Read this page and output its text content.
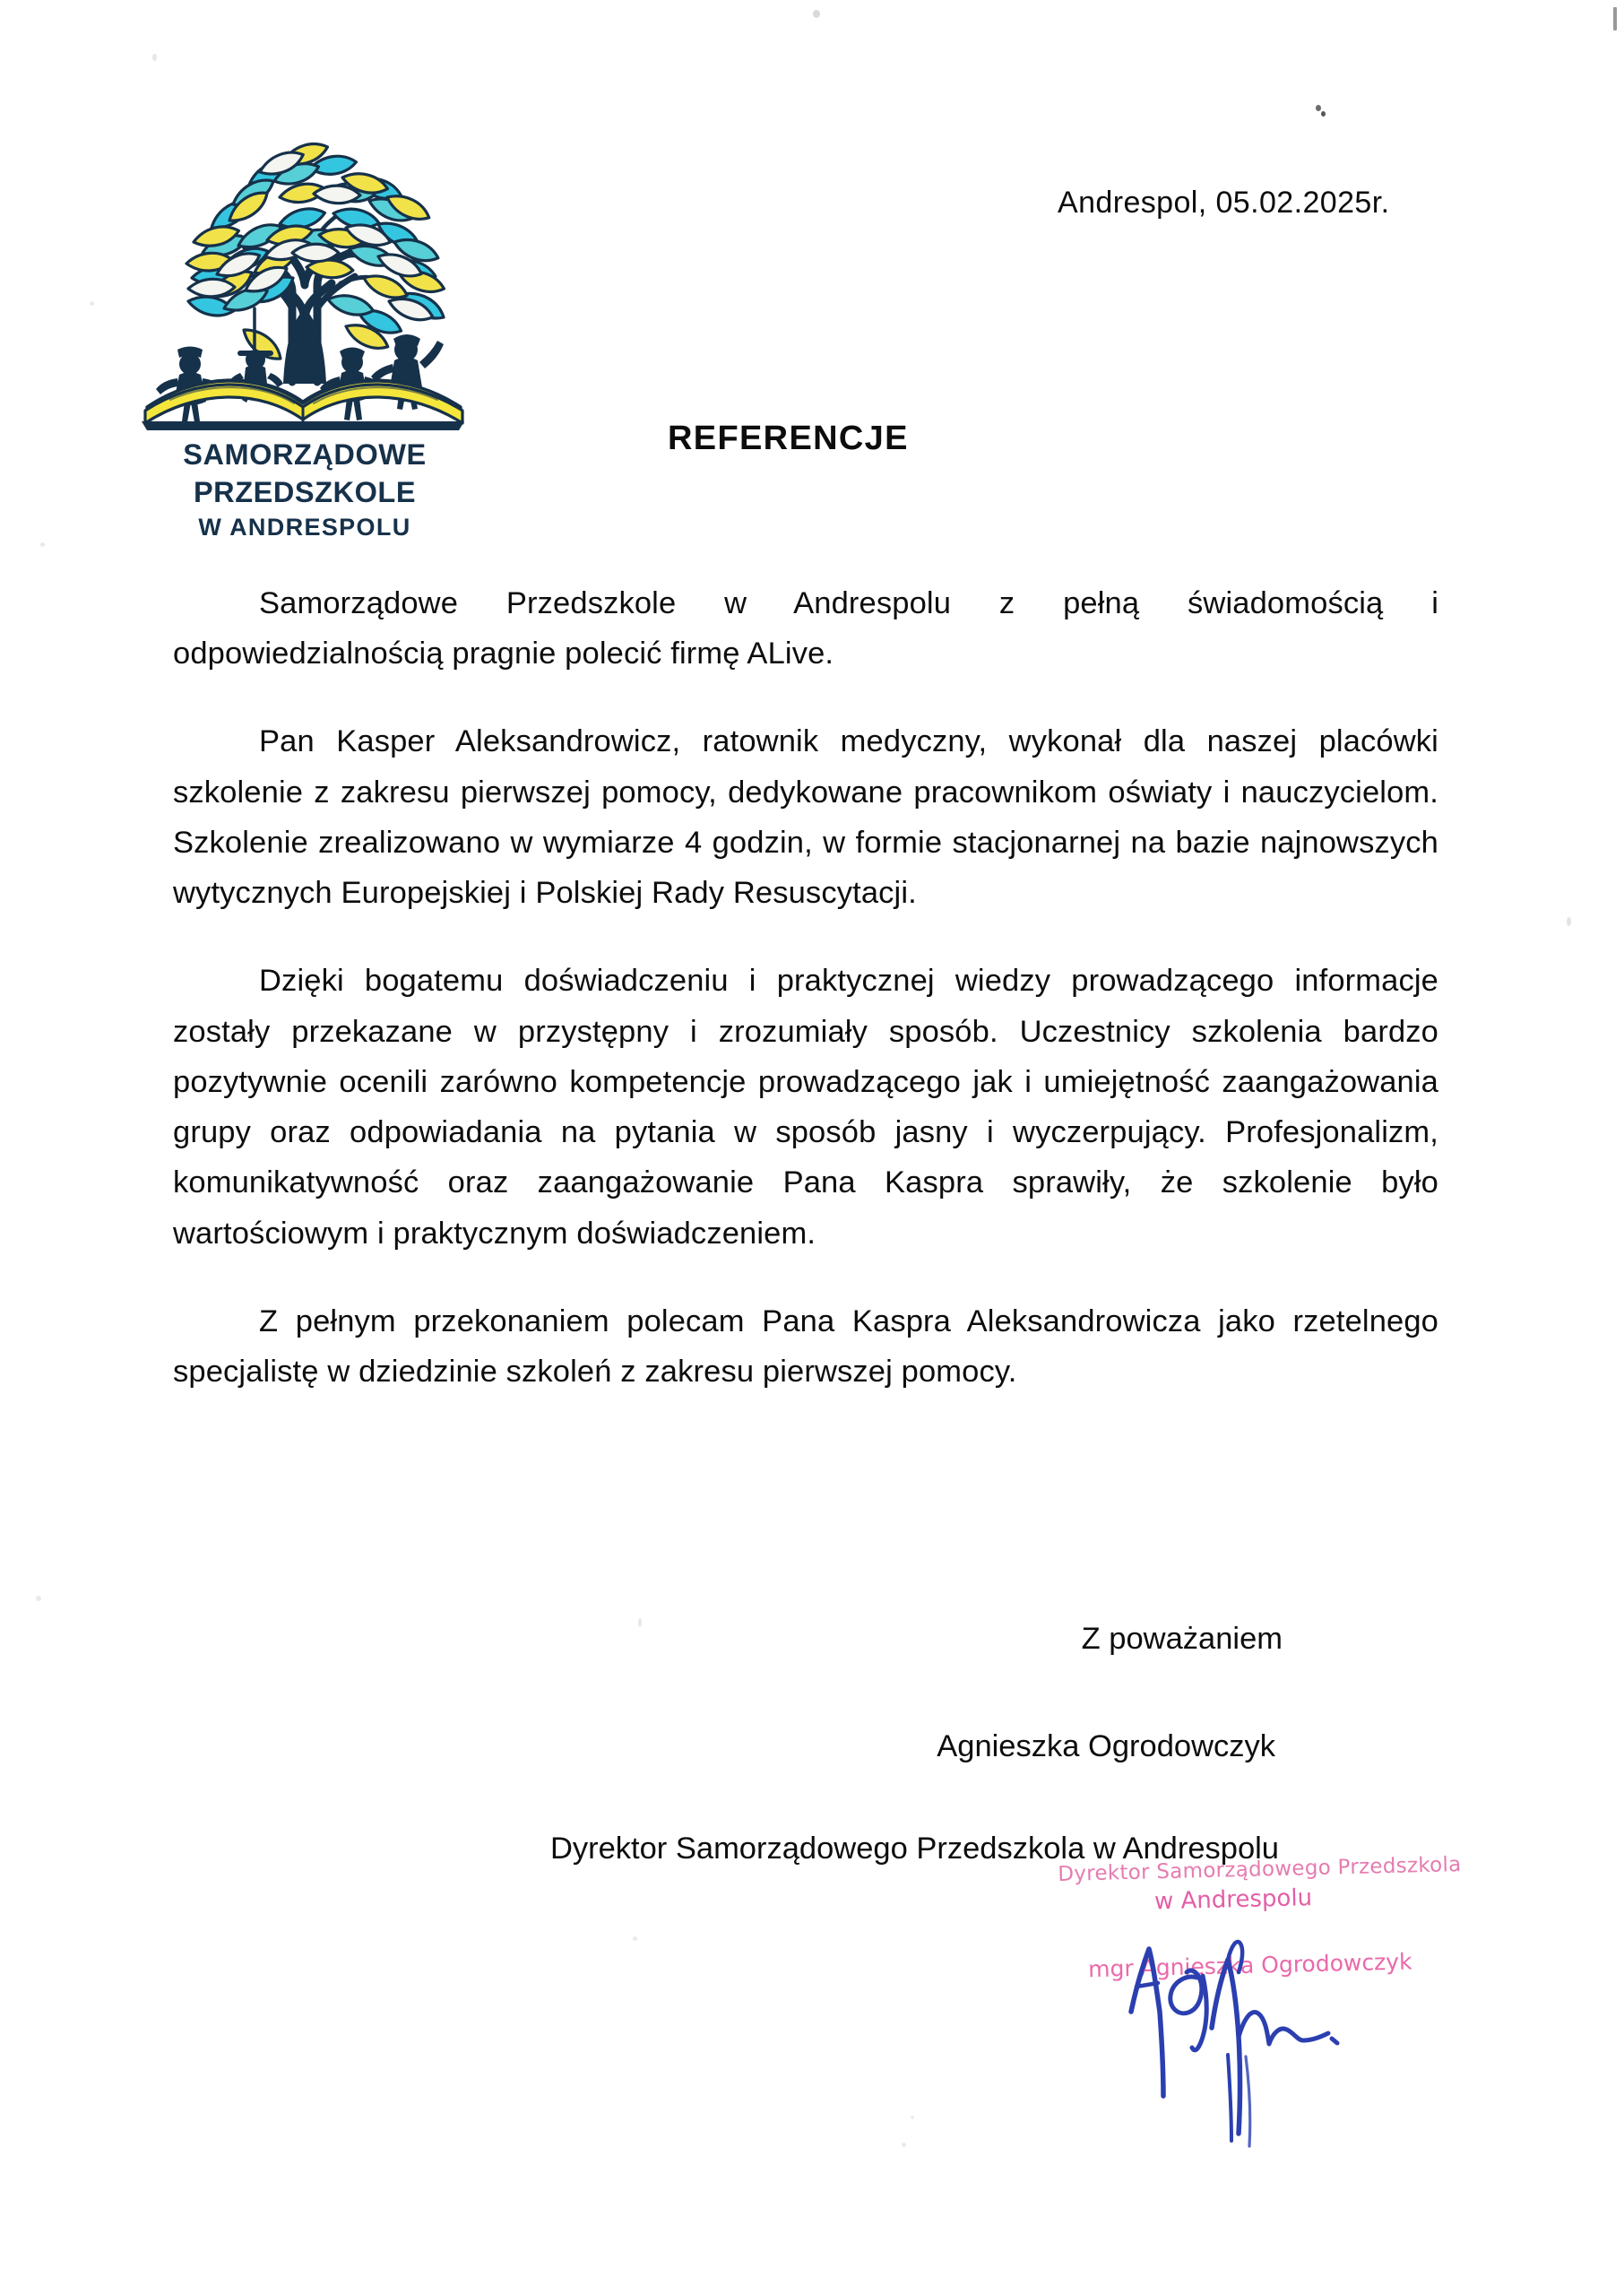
SAMORZĄDOWE
PRZEDSZKOLE
W ANDRESPOLU
Andrespol, 05.02.2025r.
REFERENCJE

Samorządowe Przedszkole w Andrespolu z pełną świadomością i odpowiedzialnością pragnie polecić firmę ALive.

Pan Kasper Aleksandrowicz, ratownik medyczny, wykonał dla naszej placówki szkolenie z zakresu pierwszej pomocy, dedykowane pracownikom oświaty i nauczycielom. Szkolenie zrealizowano w wymiarze 4 godzin, w formie stacjonarnej na bazie najnowszych wytycznych Europejskiej i Polskiej Rady Resuscytacji.

Dzięki bogatemu doświadczeniu i praktycznej wiedzy prowadzącego informacje zostały przekazane w przystępny i zrozumiały sposób. Uczestnicy szkolenia bardzo pozytywnie ocenili zarówno kompetencje prowadzącego jak i umiejętność zaangażowania grupy oraz odpowiadania na pytania w sposób jasny i wyczerpujący. Profesjonalizm, komunikatywność oraz zaangażowanie Pana Kaspra sprawiły, że szkolenie było wartościowym i praktycznym doświadczeniem.

Z pełnym przekonaniem polecam Pana Kaspra Aleksandrowicza jako rzetelnego specjalistę w dziedzinie szkoleń z zakresu pierwszej pomocy.

Z poważaniem
Agnieszka Ogrodowczyk
Dyrektor Samorządowego Przedszkola w Andrespolu
Dyrektor Samorządowego Przedszkola
w Andrespolu
mgr Agnieszka Ogrodowczyk
